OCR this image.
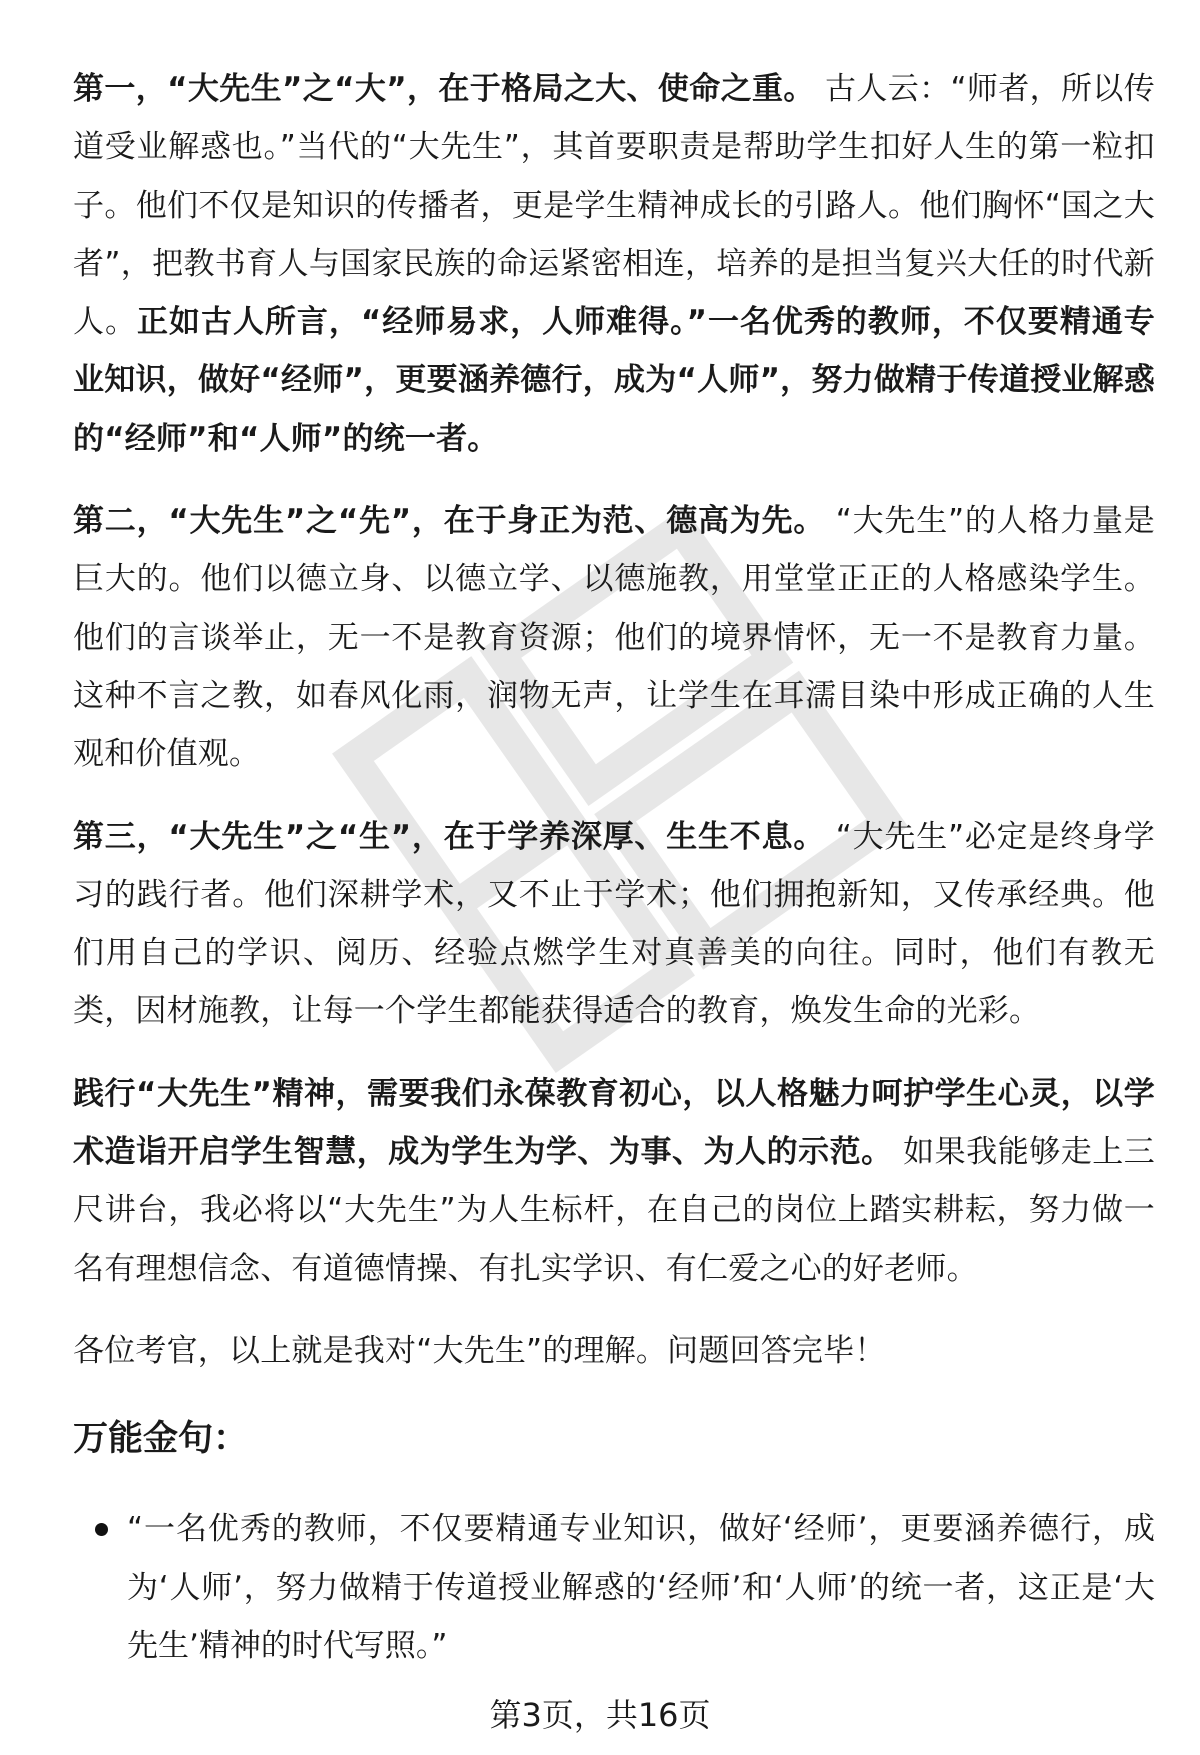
第一，“大先生”之“大”，在于格局之大、使命之重。 古人云：“师者，所以传道受业解惑也。”当代的“大先生”，其首要职责是帮助学生扣好人生的第一粒扣子。他们不仅是知识的传播者，更是学生精神成长的引路人。他们胸怀“国之大者”，把教书育人与国家民族的命运紧密相连，培养的是担当复兴大任的时代新人。正如古人所言，“经师易求，人师难得。”一名优秀的教师，不仅要精通专业知识，做好“经师”，更要涵养德行，成为“人师”，努力做精于传道授业解惑的“经师”和“人师”的统一者。

第二，“大先生”之“先”，在于身正为范、德高为先。 “大先生”的人格力量是巨大的。他们以德立身、以德立学、以德施教，用堂堂正正的人格感染学生。他们的言谈举止，无一不是教育资源；他们的境界情怀，无一不是教育力量。这种不言之教，如春风化雨，润物无声，让学生在耳濡目染中形成正确的人生观和价值观。

第三，“大先生”之“生”，在于学养深厚、生生不息。 “大先生”必定是终身学习的践行者。他们深耕学术，又不止于学术；他们拥抱新知，又传承经典。他们用自己的学识、阅历、经验点燃学生对真善美的向往。同时，他们有教无类，因材施教，让每一个学生都能获得适合的教育，焕发生命的光彩。

践行“大先生”精神，需要我们永葆教育初心，以人格魅力呵护学生心灵，以学术造诣开启学生智慧，成为学生为学、为事、为人的示范。 如果我能够走上三尺讲台，我必将以“大先生”为人生标杆，在自己的岗位上踏实耕耘，努力做一名有理想信念、有道德情操、有扎实学识、有仁爱之心的好老师。

各位考官，以上就是我对“大先生”的理解。问题回答完毕！

万能金句：
“一名优秀的教师，不仅要精通专业知识，做好‘经师’，更要涵养德行，成为‘人师’，努力做精于传道授业解惑的‘经师’和‘人师’的统一者，这正是‘大先生’精神的时代写照。”
第3页，共16页
